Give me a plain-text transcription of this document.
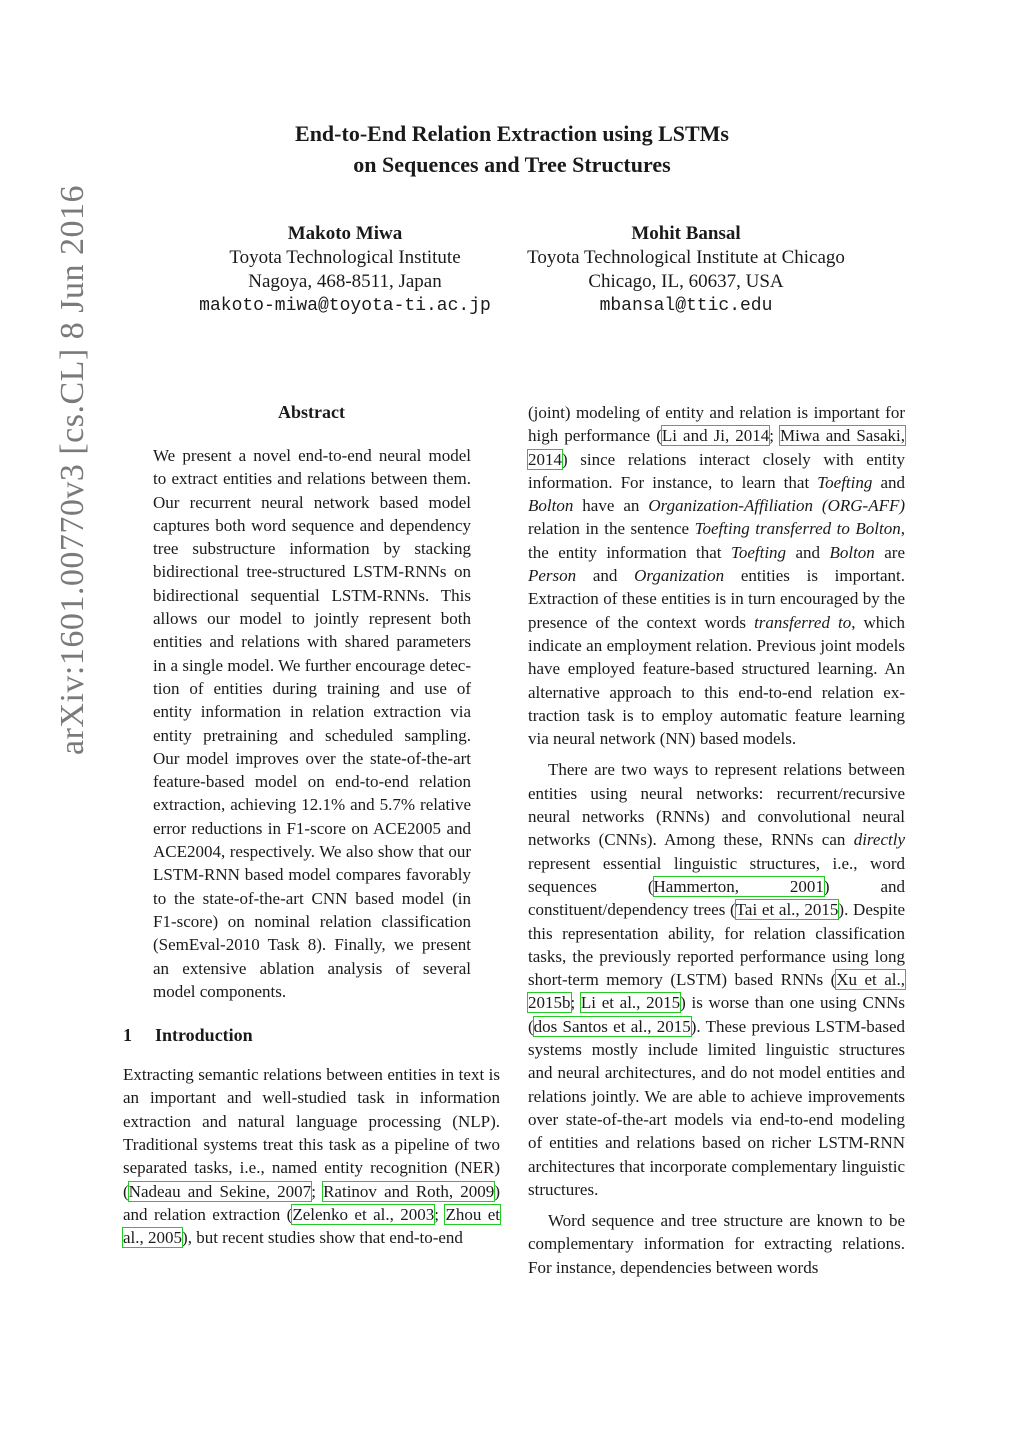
arXiv:1601.00770v3 [cs.CL] 8 Jun 2016
End-to-End Relation Extraction using LSTMs
on Sequences and Tree Structures
Makoto Miwa
Toyota Technological Institute
Nagoya, 468-8511, Japan
makoto-miwa@toyota-ti.ac.jp
Mohit Bansal
Toyota Technological Institute at Chicago
Chicago, IL, 60637, USA
mbansal@ttic.edu
Abstract

We present a novel end-to-end neural model to extract entities and relations between them. Our recurrent neural network based model captures both word sequence and dependency tree substructure information by stacking bidirectional tree-structured LSTM-RNNs on bidirectional sequential LSTM-RNNs. This allows our model to jointly represent both entities and relations with shared parameters in a single model. We further encourage detection of entities during training and use of entity information in relation extraction via entity pretraining and scheduled sampling. Our model improves over the state-of-the-art feature-based model on end-to-end relation extraction, achieving 12.1% and 5.7% relative error reductions in F1-score on ACE2005 and ACE2004, respectively. We also show that our LSTM-RNN based model compares favorably to the state-of-the-art CNN based model (in F1-score) on nominal relation classification (SemEval-2010 Task 8). Finally, we present an extensive ablation analysis of several model components.

1 Introduction

Extracting semantic relations between entities in text is an important and well-studied task in information extraction and natural language processing (NLP). Traditional systems treat this task as a pipeline of two separated tasks, i.e., named entity recognition (NER) (Nadeau and Sekine, 2007; Ratinov and Roth, 2009) and relation extraction (Zelenko et al., 2003; Zhou et al., 2005), but recent studies show that end-to-end

(joint) modeling of entity and relation is important for high performance (Li and Ji, 2014; Miwa and Sasaki, 2014) since relations interact closely with entity information. For instance, to learn that Toefting and Bolton have an Organization-Affiliation (ORG-AFF) relation in the sentence Toefting transferred to Bolton, the entity information that Toefting and Bolton are Person and Organization entities is important. Extraction of these entities is in turn encouraged by the presence of the context words transferred to, which indicate an employment relation. Previous joint models have employed feature-based structured learning. An alternative approach to this end-to-end relation extraction task is to employ automatic feature learning via neural network (NN) based models.

There are two ways to represent relations between entities using neural networks: recurrent/recursive neural networks (RNNs) and convolutional neural networks (CNNs). Among these, RNNs can directly represent essential linguistic structures, i.e., word sequences (Hammerton, 2001) and constituent/dependency trees (Tai et al., 2015). Despite this representation ability, for relation classification tasks, the previously reported performance using long short-term memory (LSTM) based RNNs (Xu et al., 2015b; Li et al., 2015) is worse than one using CNNs (dos Santos et al., 2015). These previous LSTM-based systems mostly include limited linguistic structures and neural architectures, and do not model entities and relations jointly. We are able to achieve improvements over state-of-the-art models via end-to-end modeling of entities and relations based on richer LSTM-RNN architectures that incorporate complementary linguistic structures.

Word sequence and tree structure are known to be complementary information for extracting relations. For instance, dependencies between words
